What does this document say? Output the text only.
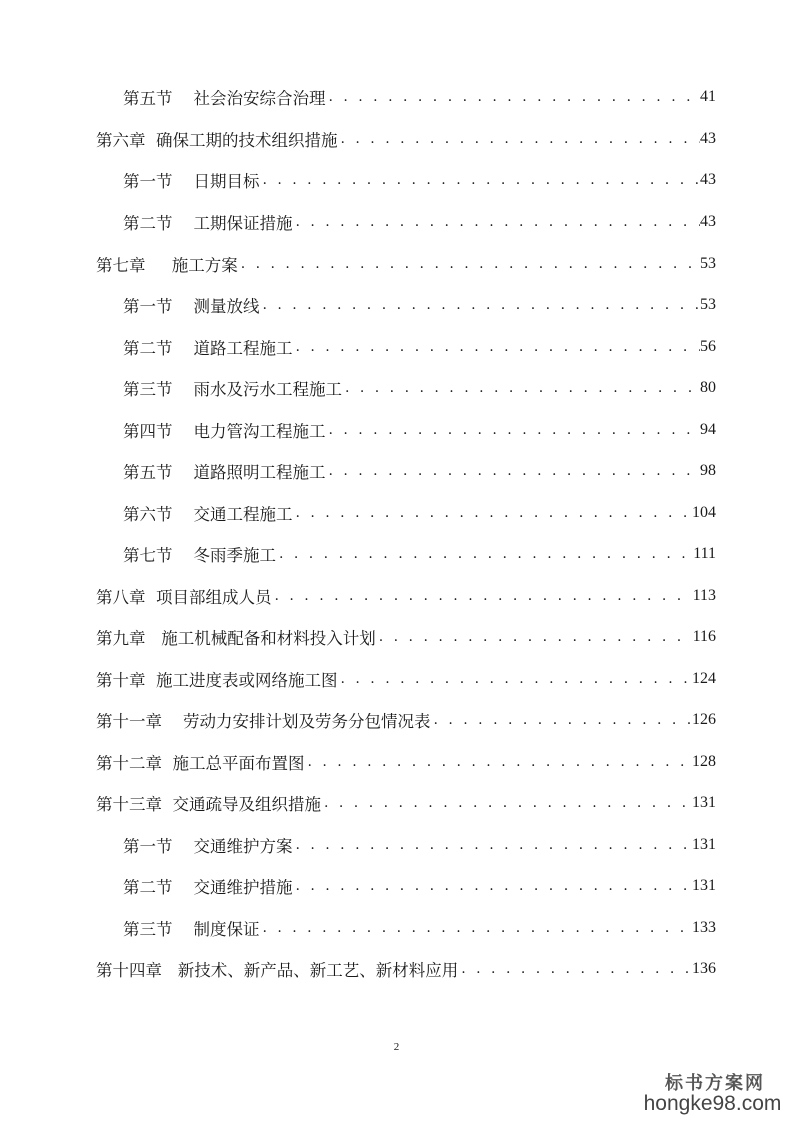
第五节    社会治安综合治理 . . .	41
第六章  确保工期的技术组织措施 . . .	43
第一节    日期目标 . . .	43
第二节    工期保证措施 . . .	43
第七章     施工方案 . . .	53
第一节    测量放线 . . .	53
第二节    道路工程施工 . . .	56
第三节    雨水及污水工程施工 . . .	80
第四节    电力管沟工程施工 . . .	94
第五节    道路照明工程施工 . . .	98
第六节    交通工程施工 . . .	104
第七节    冬雨季施工 . . .	111
第八章  项目部组成人员 . . .	113
第九章   施工机械配备和材料投入计划 . . .	116
第十章  施工进度表或网络施工图 . . .	124
第十一章    劳动力安排计划及劳务分包情况表 . . .	126
第十二章  施工总平面布置图 . . .	128
第十三章  交通疏导及组织措施 . . .	131
第一节    交通维护方案 . . .	131
第二节    交通维护措施 . . .	131
第三节    制度保证 . . .	133
第十四章   新技术、新产品、新工艺、新材料应用 . . .	136
2
标书方案网
hongke98.com
